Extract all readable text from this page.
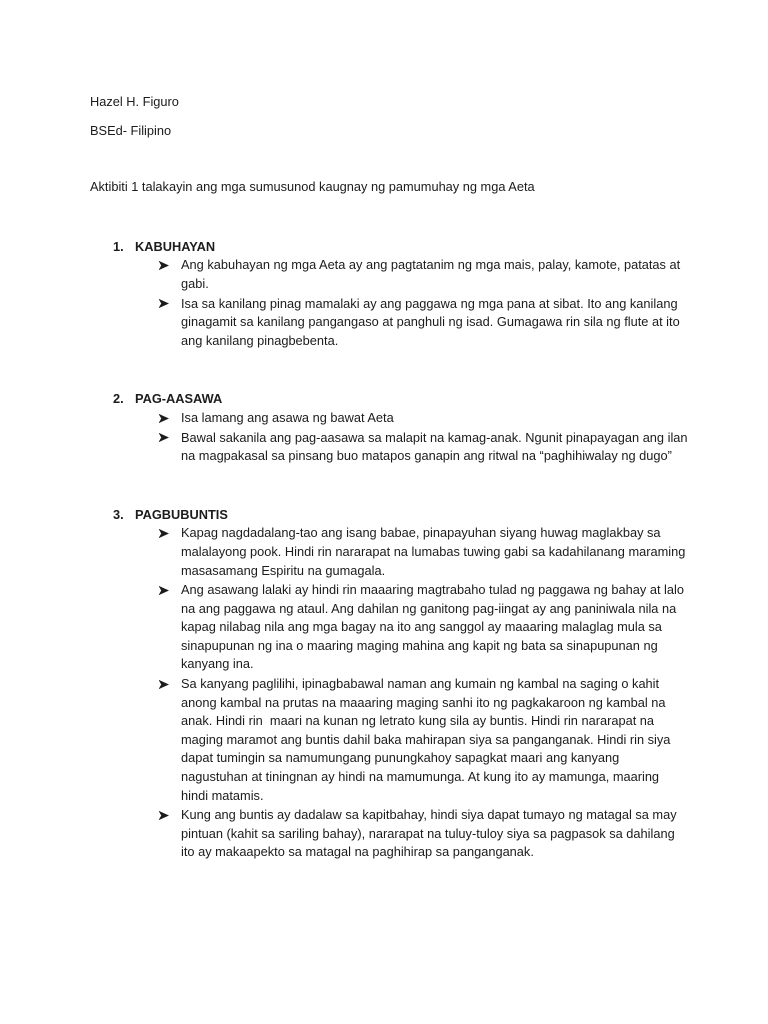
Hazel H. Figuro
BSEd- Filipino
Aktibiti 1 talakayin ang mga sumusunod kaugnay ng pamumuhay ng mga Aeta
1. KABUHAYAN
Ang kabuhayan ng mga Aeta ay ang pagtatanim ng mga mais, palay, kamote, patatas at
gabi.
Isa sa kanilang pinag mamalaki ay ang paggawa ng mga pana at sibat. Ito ang kanilang
ginagamit sa kanilang pangangaso at panghuli ng isad. Gumagawa rin sila ng flute at ito
ang kanilang pinagbebenta.
2. PAG-AASAWA
Isa lamang ang asawa ng bawat Aeta
Bawal sakanila ang pag-aasawa sa malapit na kamag-anak. Ngunit pinapayagan ang ilan
na magpakasal sa pinsang buo matapos ganapin ang ritwal na “paghihiwalay ng dugo”
3. PAGBUBUNTIS
Kapag nagdadalang-tao ang isang babae, pinapayuhan siyang huwag maglakbay sa
malalayong pook. Hindi rin nararapat na lumabas tuwing gabi sa kadahilanang maraming
masasamang Espiritu na gumagala.
Ang asawang lalaki ay hindi rin maaaring magtrabaho tulad ng paggawa ng bahay at lalo
na ang paggawa ng ataul. Ang dahilan ng ganitong pag-iingat ay ang paniniwala nila na
kapag nilabag nila ang mga bagay na ito ang sanggol ay maaaring malaglag mula sa
sinapupunan ng ina o maaring maging mahina ang kapit ng bata sa sinapupunan ng
kanyang ina.
Sa kanyang paglilihi, ipinagbabawal naman ang kumain ng kambal na saging o kahit
anong kambal na prutas na maaaring maging sanhi ito ng pagkakaroon ng kambal na
anak. Hindi rin  maari na kunan ng letrato kung sila ay buntis. Hindi rin nararapat na
maging maramot ang buntis dahil baka mahirapan siya sa panganganak. Hindi rin siya
dapat tumingin sa namumungang punungkahoy sapagkat maari ang kanyang
nagustuhan at tiningnan ay hindi na mamumunga. At kung ito ay mamunga, maaring
hindi matamis.
Kung ang buntis ay dadalaw sa kapitbahay, hindi siya dapat tumayo ng matagal sa may
pintuan (kahit sa sariling bahay), nararapat na tuluy-tuloy siya sa pagpasok sa dahilang
ito ay makaapekto sa matagal na paghihirap sa panganganak.
